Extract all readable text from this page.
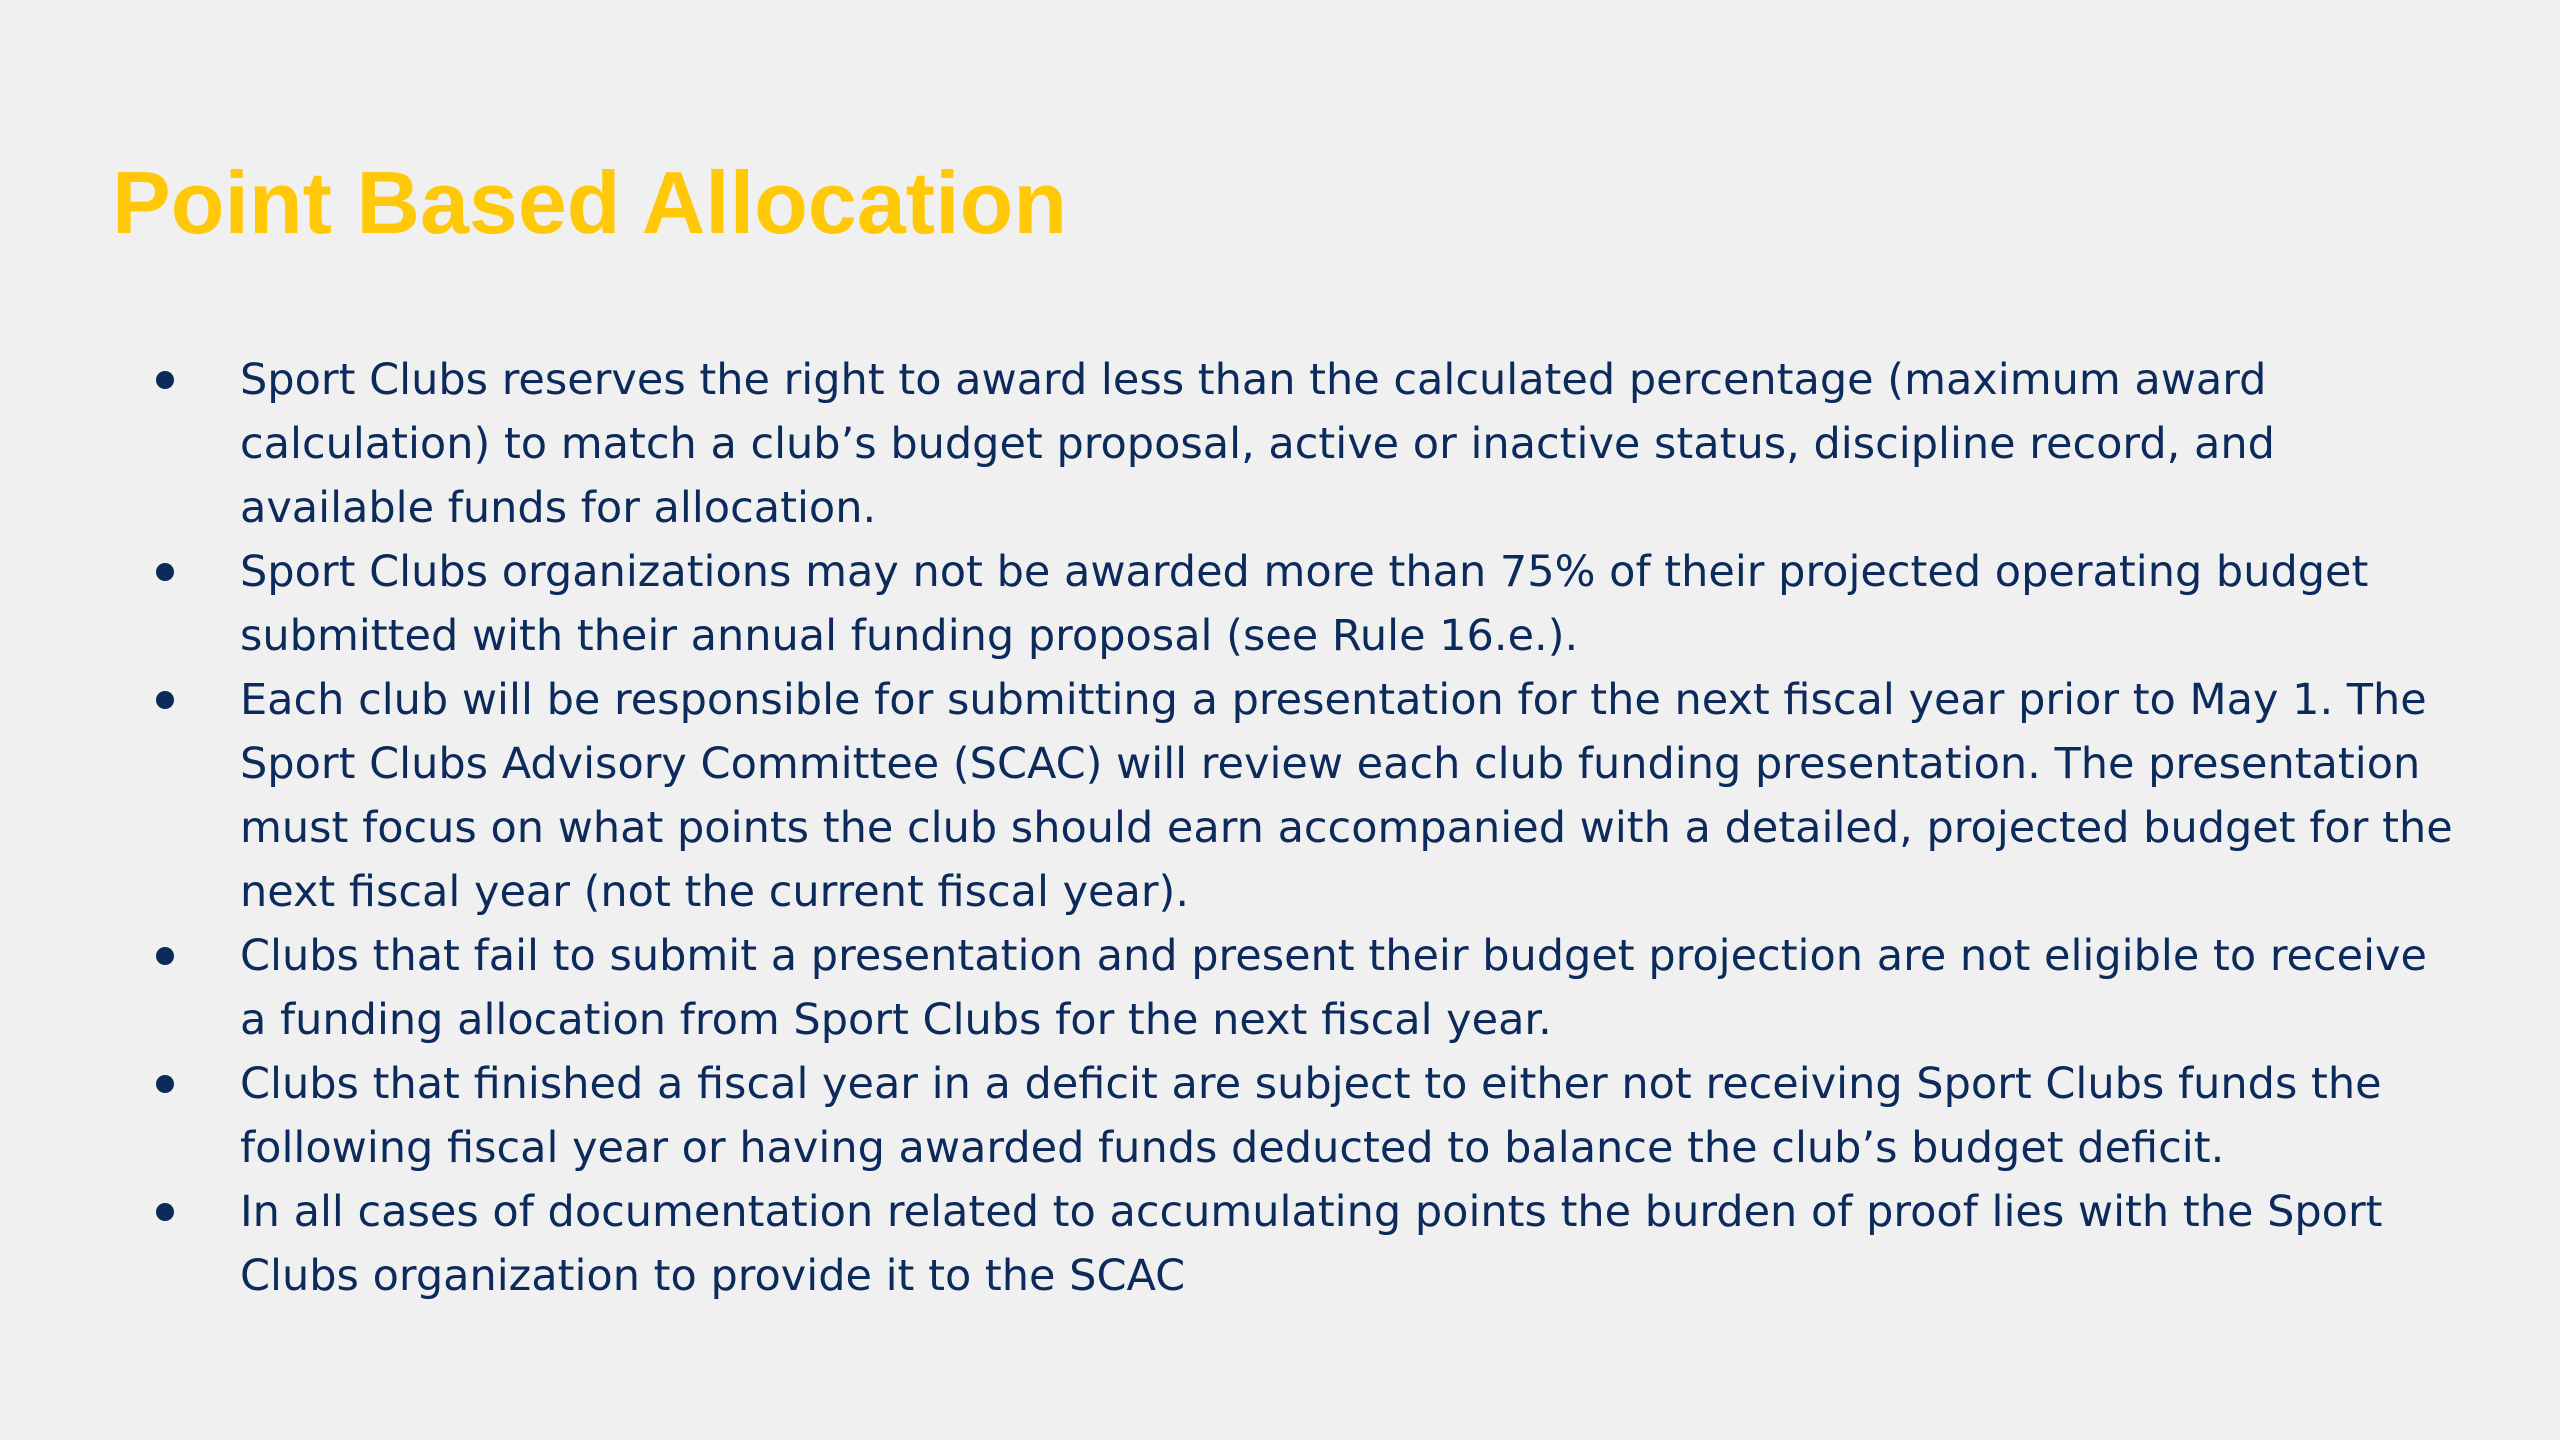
Point Based Allocation
Sport Clubs reserves the right to award less than the calculated percentage (maximum award calculation) to match a club’s budget proposal, active or inactive status, discipline record, and available funds for allocation.
Sport Clubs organizations may not be awarded more than 75% of their projected operating budget submitted with their annual funding proposal (see Rule 16.e.).
Each club will be responsible for submitting a presentation for the next fiscal year prior to May 1. The Sport Clubs Advisory Committee (SCAC) will review each club funding presentation. The presentation must focus on what points the club should earn accompanied with a detailed, projected budget for the next fiscal year (not the current fiscal year).
Clubs that fail to submit a presentation and present their budget projection are not eligible to receive a funding allocation from Sport Clubs for the next fiscal year.
Clubs that finished a fiscal year in a deficit are subject to either not receiving Sport Clubs funds the following fiscal year or having awarded funds deducted to balance the club’s budget deficit.
In all cases of documentation related to accumulating points the burden of proof lies with the Sport Clubs organization to provide it to the SCAC
